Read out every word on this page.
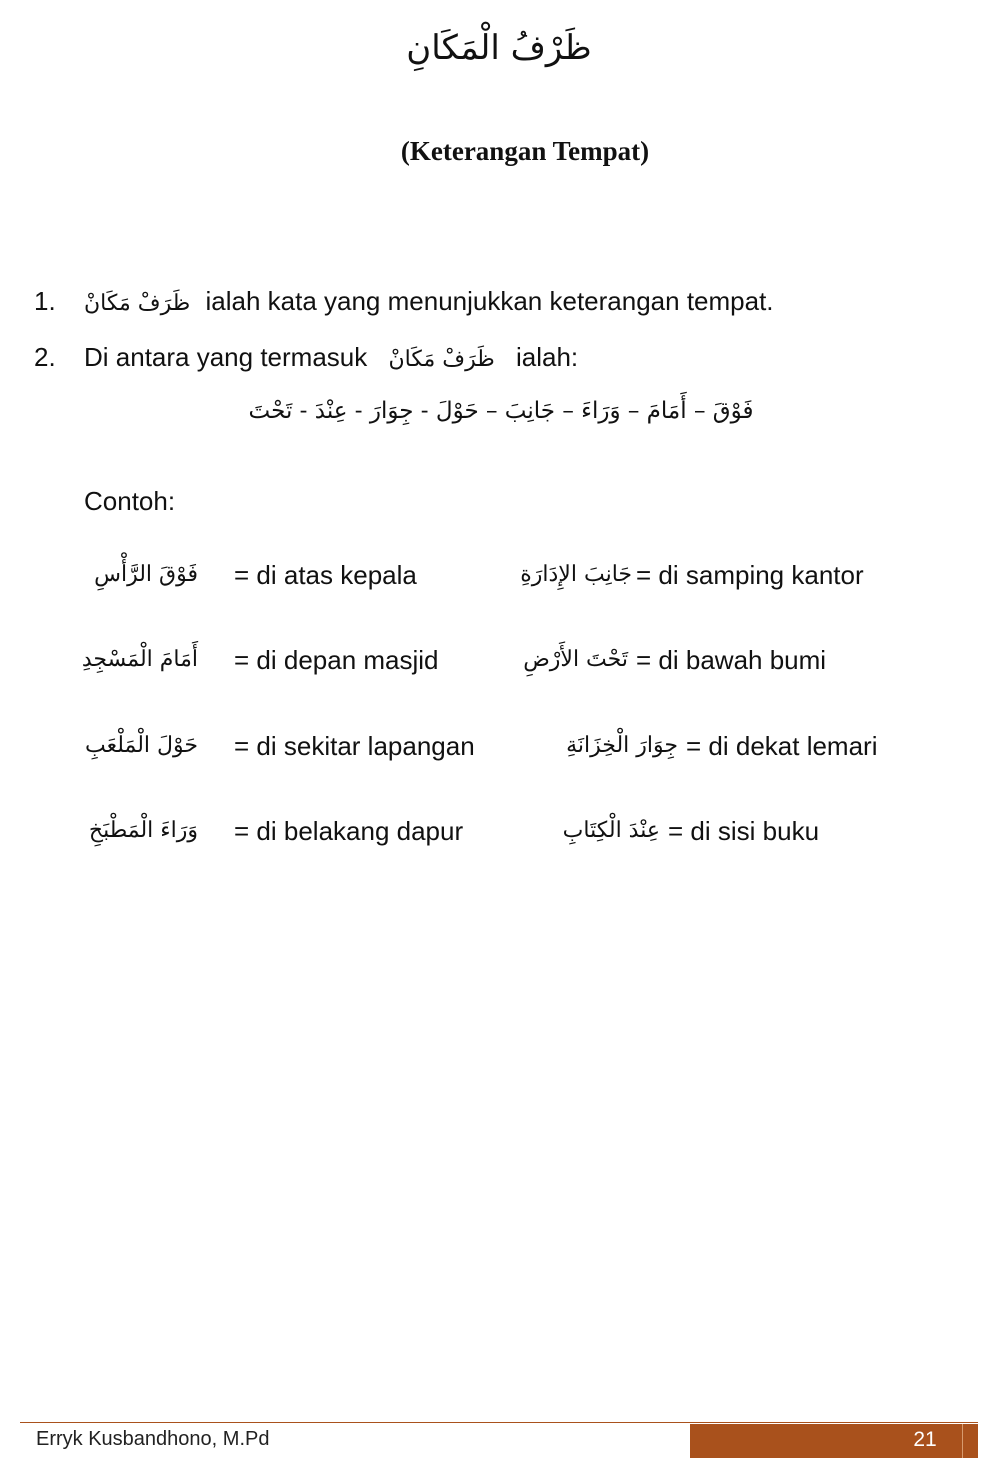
ظَرْفُ الْمَكَانِ
(Keterangan Tempat)
1. ظَرَفْ مَكَانْ ialah kata yang menunjukkan keterangan tempat.
2. Di antara yang termasuk ظَرَفْ مَكَانْ ialah:
فَوْقَ – أَمَامَ – وَرَاءَ – جَانِبَ – حَوْلَ - جِوَارَ - عِنْدَ - تَحْتَ
Contoh:
فَوْقَ الرَّأْسِ = di atas kepala	جَانِبَ الإِدَارَةِ = di samping kantor
أَمَامَ الْمَسْجِدِ = di depan masjid	تَحْتَ الأَرْضِ = di bawah bumi
حَوْلَ الْمَلْعَبِ = di sekitar lapangan	جِوَارَ الْخِزَانَةِ = di dekat lemari
وَرَاءَ الْمَطْبَخِ = di belakang dapur	عِنْدَ الْكِتَابِ = di sisi buku
Erryk Kusbandhono, M.Pd	21
